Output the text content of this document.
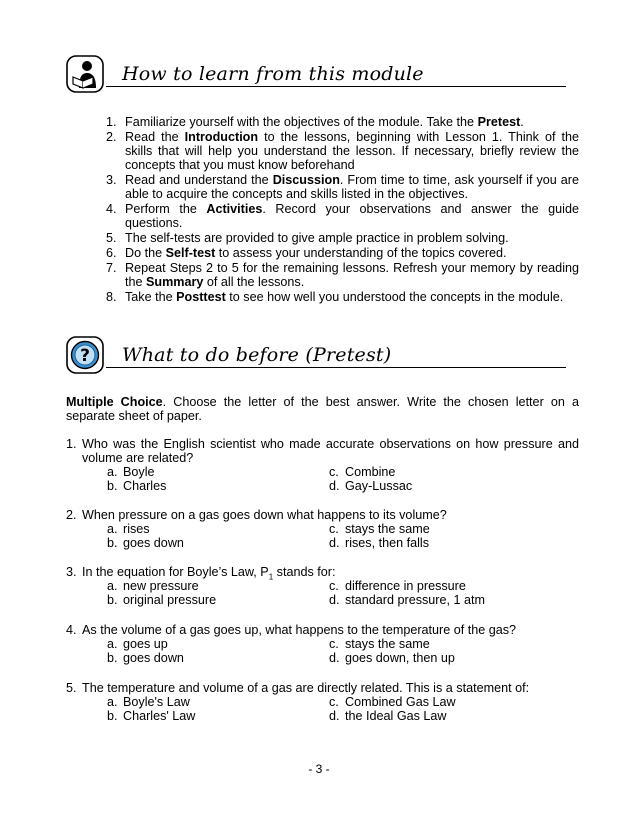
How to learn from this module
1. Familiarize yourself with the objectives of the module. Take the Pretest.
2. Read the Introduction to the lessons, beginning with Lesson 1. Think of the skills that will help you understand the lesson. If necessary, briefly review the concepts that you must know beforehand
3. Read and understand the Discussion. From time to time, ask yourself if you are able to acquire the concepts and skills listed in the objectives.
4. Perform the Activities. Record your observations and answer the guide questions.
5. The self-tests are provided to give ample practice in problem solving.
6. Do the Self-test to assess your understanding of the topics covered.
7. Repeat Steps 2 to 5 for the remaining lessons. Refresh your memory by reading the Summary of all the lessons.
8. Take the Posttest to see how well you understood the concepts in the module.
? What to do before (Pretest)

Multiple Choice. Choose the letter of the best answer. Write the chosen letter on a separate sheet of paper.

1. Who was the English scientist who made accurate observations on how pressure and volume are related?
a. Boyle	c. Combine
b. Charles	d. Gay-Lussac
2. When pressure on a gas goes down what happens to its volume?
a. rises	c. stays the same
b. goes down	d. rises, then falls
3. In the equation for Boyle’s Law, $P_1$ stands for:
a. new pressure	c. difference in pressure
b. original pressure	d. standard pressure, 1 atm
4. As the volume of a gas goes up, what happens to the temperature of the gas?
a. goes up	c. stays the same
b. goes down	d. goes down, then up
5. The temperature and volume of a gas are directly related. This is a statement of:
a. Boyle's Law	c. Combined Gas Law
b. Charles' Law	d. the Ideal Gas Law
- 3 -
